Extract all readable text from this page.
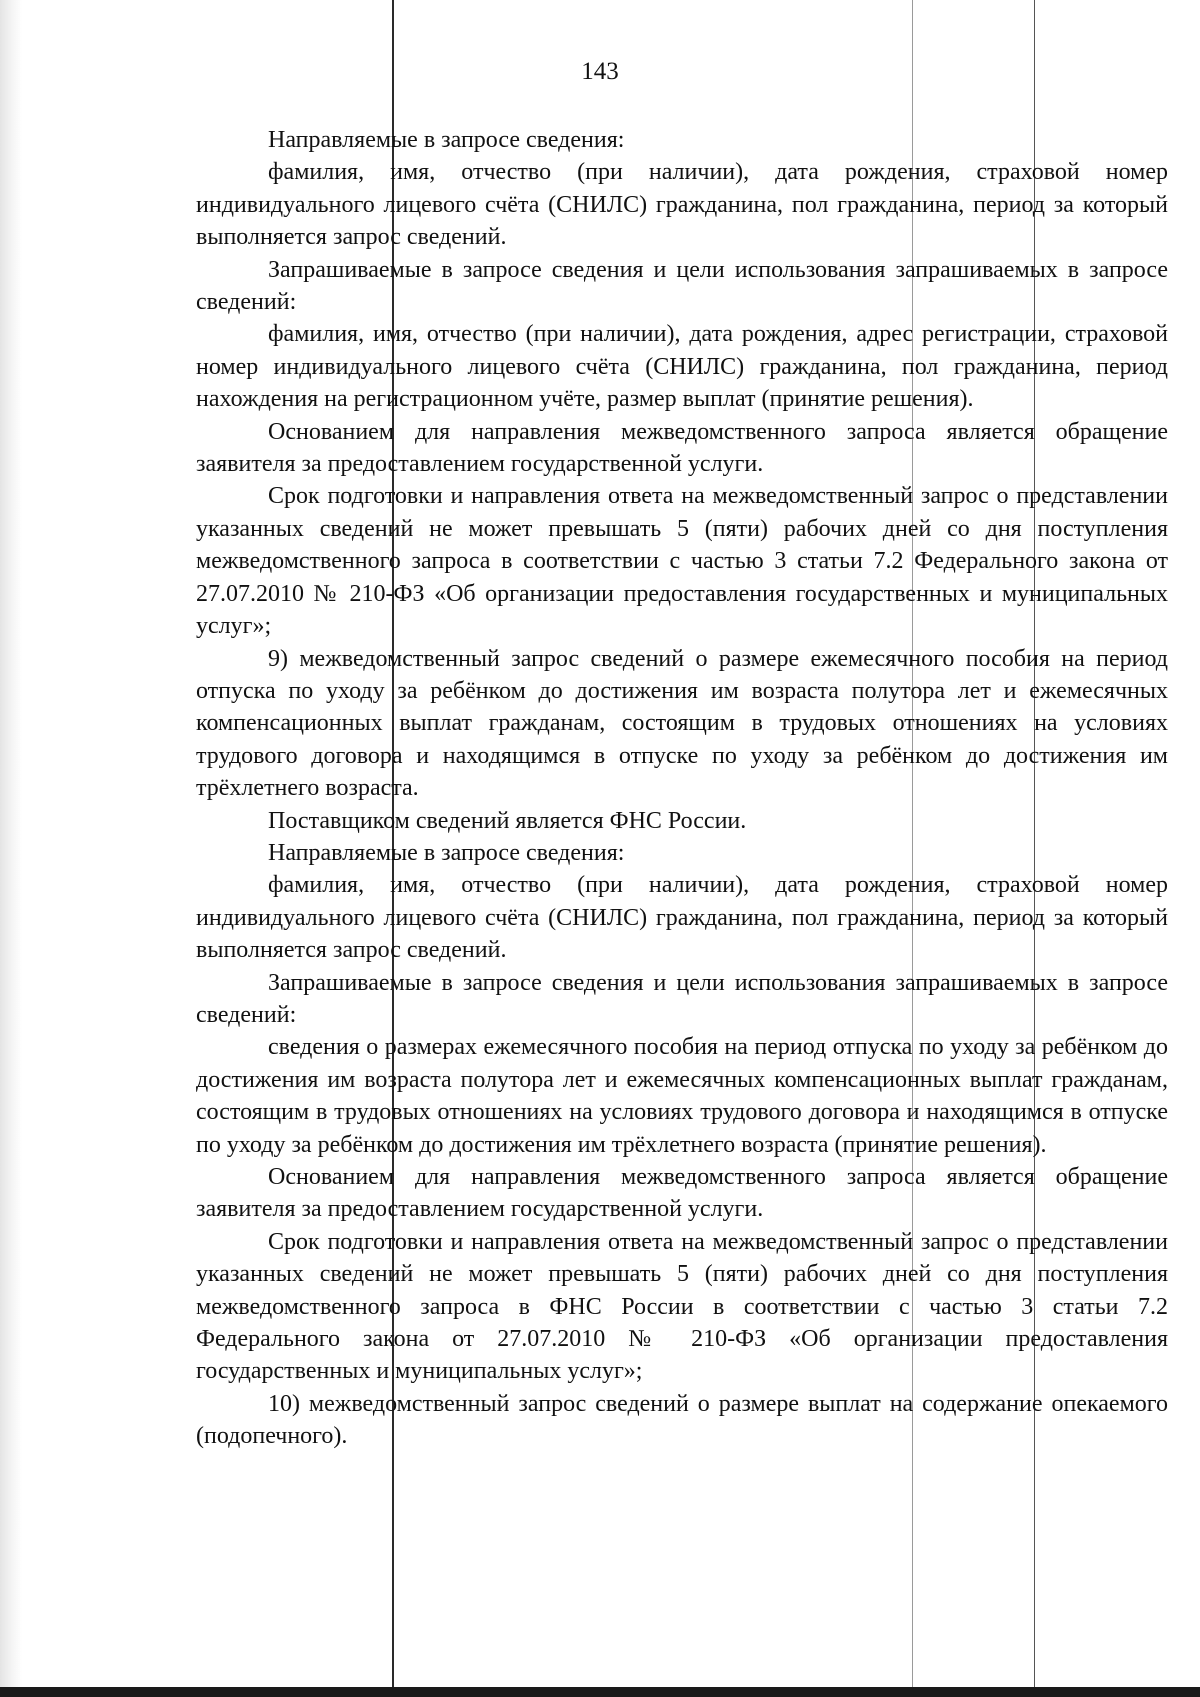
143

Направляемые в запросе сведения:

фамилия, имя, отчество (при наличии), дата рождения, страховой номер индивидуального лицевого счёта (СНИЛС) гражданина, пол гражданина, период за который выполняется запрос сведений.

Запрашиваемые в запросе сведения и цели использования запрашиваемых в запросе сведений:

фамилия, имя, отчество (при наличии), дата рождения, адрес регистрации, страховой номер индивидуального лицевого счёта (СНИЛС) гражданина, пол гражданина, период нахождения на регистрационном учёте, размер выплат (принятие решения).

Основанием для направления межведомственного запроса является обращение заявителя за предоставлением государственной услуги.

Срок подготовки и направления ответа на межведомственный запрос о представлении указанных сведений не может превышать 5 (пяти) рабочих дней со дня поступления межведомственного запроса в соответствии с частью 3 статьи 7.2 Федерального закона от 27.07.2010 № 210-ФЗ «Об организации предоставления государственных и муниципальных услуг»;

9) межведомственный запрос сведений о размере ежемесячного пособия на период отпуска по уходу за ребёнком до достижения им возраста полутора лет и ежемесячных компенсационных выплат гражданам, состоящим в трудовых отношениях на условиях трудового договора и находящимся в отпуске по уходу за ребёнком до достижения им трёхлетнего возраста.

Поставщиком сведений является ФНС России.

Направляемые в запросе сведения:

фамилия, имя, отчество (при наличии), дата рождения, страховой номер индивидуального лицевого счёта (СНИЛС) гражданина, пол гражданина, период за который выполняется запрос сведений.

Запрашиваемые в запросе сведения и цели использования запрашиваемых в запросе сведений:

сведения о размерах ежемесячного пособия на период отпуска по уходу за ребёнком до достижения им возраста полутора лет и ежемесячных компенсационных выплат гражданам, состоящим в трудовых отношениях на условиях трудового договора и находящимся в отпуске по уходу за ребёнком до достижения им трёхлетнего возраста (принятие решения).

Основанием для направления межведомственного запроса является обращение заявителя за предоставлением государственной услуги.

Срок подготовки и направления ответа на межведомственный запрос о представлении указанных сведений не может превышать 5 (пяти) рабочих дней со дня поступления межведомственного запроса в ФНС России в соответствии с частью 3 статьи 7.2 Федерального закона от 27.07.2010 № 210-ФЗ «Об организации предоставления государственных и муниципальных услуг»;

10) межведомственный запрос сведений о размере выплат на содержание опекаемого (подопечного).
